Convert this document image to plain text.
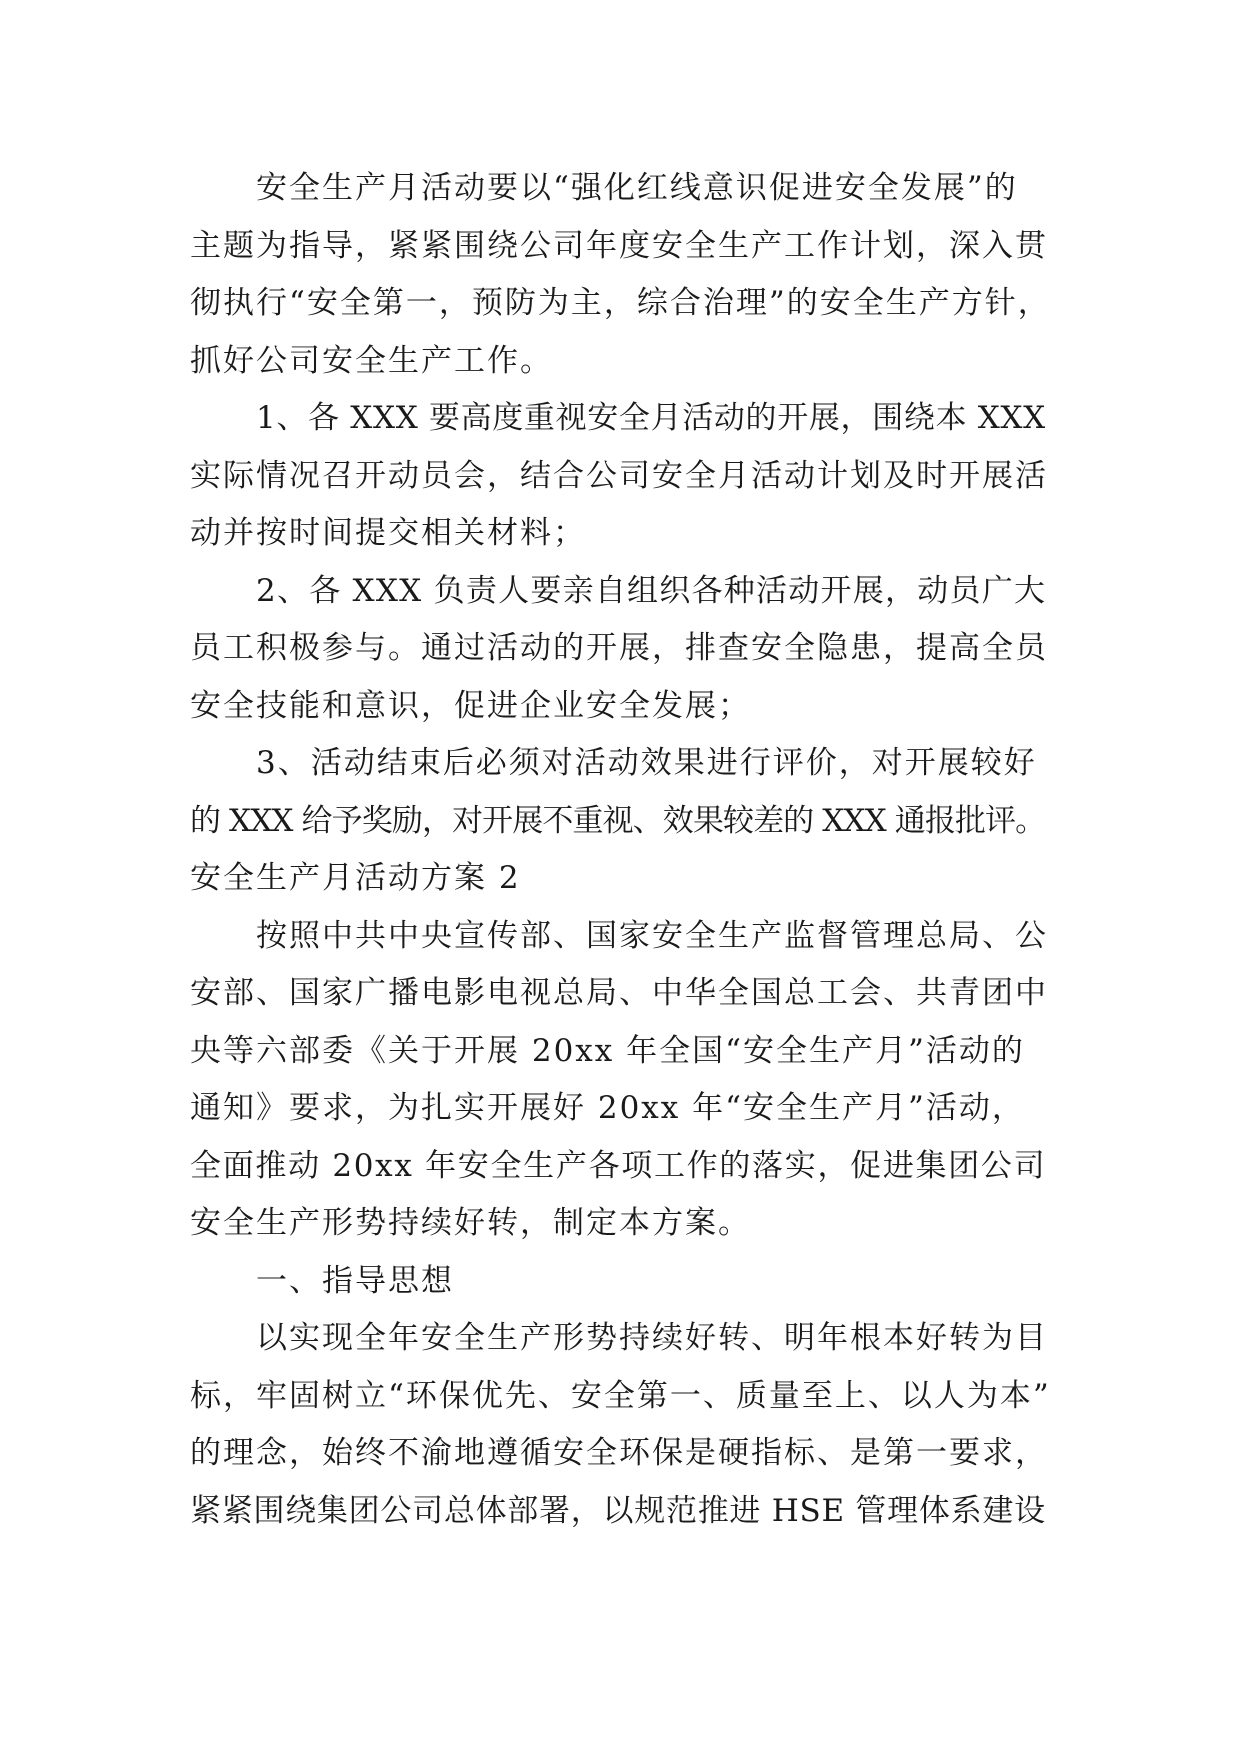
安全生产月活动要以“强化红线意识促进安全发展”的
主题为指导，紧紧围绕公司年度安全生产工作计划，深入贯
彻执行“安全第一，预防为主，综合治理”的安全生产方针，
抓好公司安全生产工作。
1、各 XXX 要高度重视安全月活动的开展，围绕本 XXX
实际情况召开动员会，结合公司安全月活动计划及时开展活
动并按时间提交相关材料；
2、各 XXX 负责人要亲自组织各种活动开展，动员广大
员工积极参与。通过活动的开展，排查安全隐患，提高全员
安全技能和意识，促进企业安全发展；
3、活动结束后必须对活动效果进行评价，对开展较好
的 XXX 给予奖励，对开展不重视、效果较差的 XXX 通报批评。
安全生产月活动方案 2
按照中共中央宣传部、国家安全生产监督管理总局、公
安部、国家广播电影电视总局、中华全国总工会、共青团中
央等六部委《关于开展 20xx 年全国“安全生产月”活动的
通知》要求，为扎实开展好 20xx 年“安全生产月”活动，
全面推动 20xx 年安全生产各项工作的落实，促进集团公司
安全生产形势持续好转，制定本方案。
一、指导思想
以实现全年安全生产形势持续好转、明年根本好转为目
标，牢固树立“环保优先、安全第一、质量至上、以人为本”
的理念，始终不渝地遵循安全环保是硬指标、是第一要求，
紧紧围绕集团公司总体部署，以规范推进 HSE 管理体系建设
